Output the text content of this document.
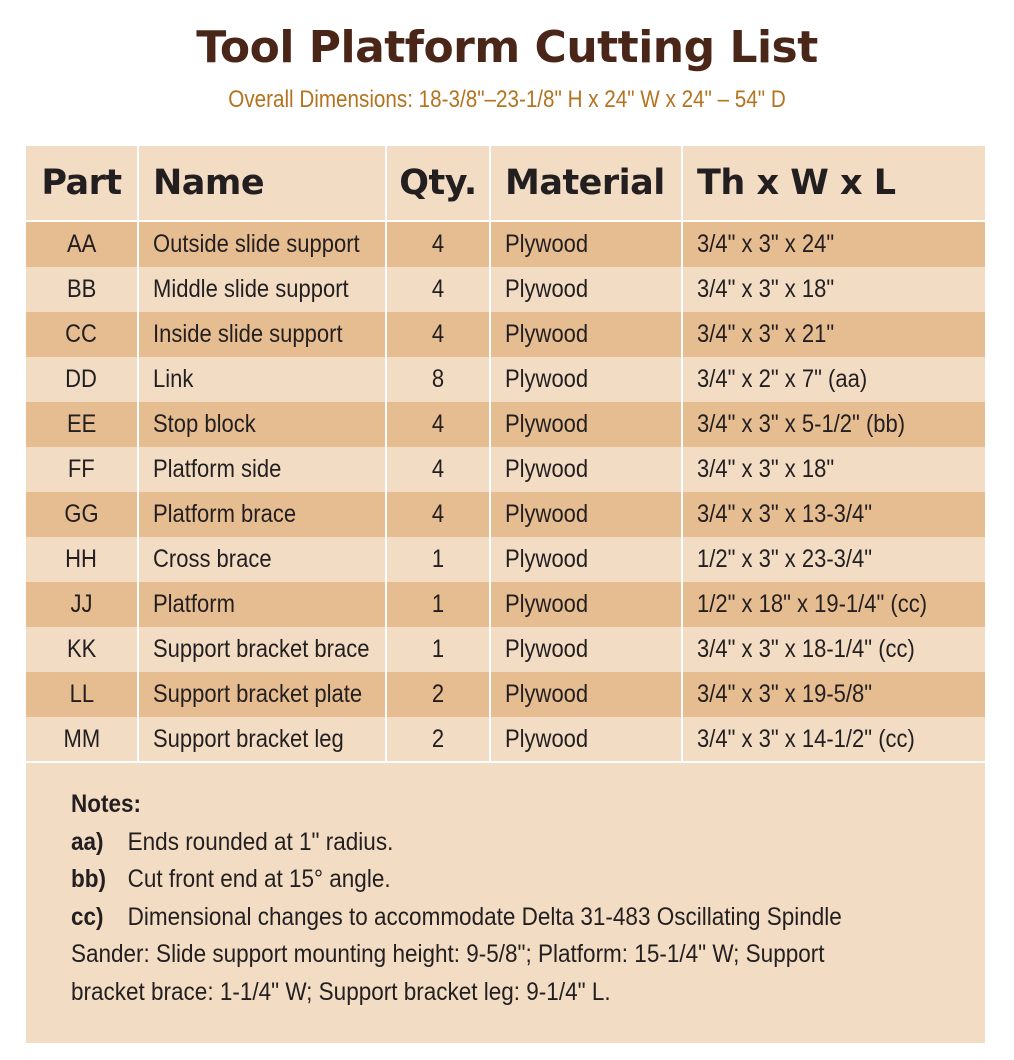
Tool Platform Cutting List
Overall Dimensions: 18-3/8"–23-1/8" H x 24" W x 24" – 54" D
Part	Name	Qty.	Material	Th x W x L
AA	Outside slide support	4	Plywood	3/4" x 3" x 24"
BB	Middle slide support	4	Plywood	3/4" x 3" x 18"
CC	Inside slide support	4	Plywood	3/4" x 3" x 21"
DD	Link	8	Plywood	3/4" x 2" x 7" (aa)
EE	Stop block	4	Plywood	3/4" x 3" x 5-1/2" (bb)
FF	Platform side	4	Plywood	3/4" x 3" x 18"
GG	Platform brace	4	Plywood	3/4" x 3" x 13-3/4"
HH	Cross brace	1	Plywood	1/2" x 3" x 23-3/4"
JJ	Platform	1	Plywood	1/2" x 18" x 19-1/4" (cc)
KK	Support bracket brace	1	Plywood	3/4" x 3" x 18-1/4" (cc)
LL	Support bracket plate	2	Plywood	3/4" x 3" x 19-5/8"
MM	Support bracket leg	2	Plywood	3/4" x 3" x 14-1/2" (cc)
Notes:
aa) Ends rounded at 1" radius.
bb) Cut front end at 15° angle.
cc) Dimensional changes to accommodate Delta 31-483 Oscillating Spindle
Sander: Slide support mounting height: 9-5/8"; Platform: 15-1/4" W; Support
bracket brace: 1-1/4" W; Support bracket leg: 9-1/4" L.
